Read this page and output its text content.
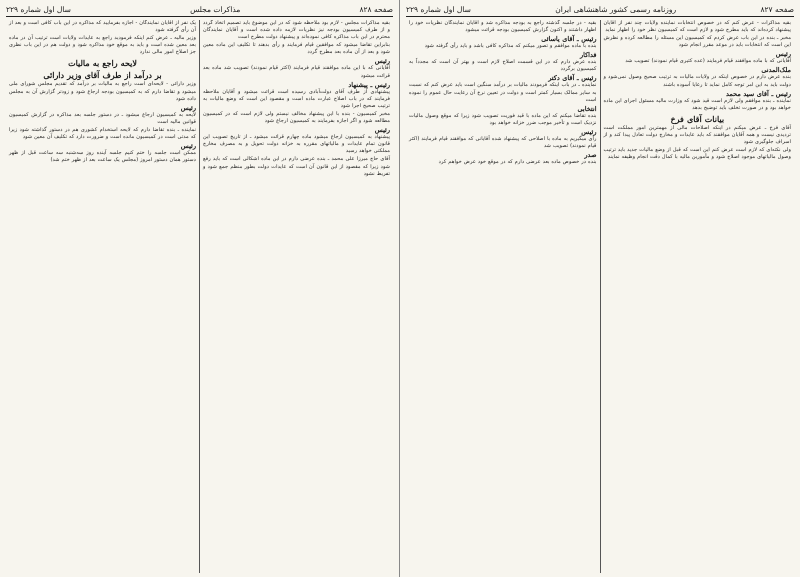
صفحه ۸۲۸
مذاكرات مجلس
سال اول شماره ۲۲۹
بقيه مذاكرات مجلس - لازم بود ملاحظه شود که در این موضوع باید تصمیم اتخاذ گردد و از طرف کمیسیون بودجه نیز نظریات لازمه داده شده است و آقایان نمایندگان محترم در این باب مذاکره کافی نموده‌اند و پیشنهاد دولت مطرح است
بنابراین تقاضا میشود که موافقین قیام فرمایند و رأی بدهند تا تکلیف این ماده معین شود و بعد از آن ماده بعد مطرح گردد
رئیس
آقایانی که با این ماده موافقند قیام فرمایند (اکثر قیام نمودند) تصویب شد ماده بعد قرائت میشود
رئیس ـ پیشنهاد
پیشنهادی از طرف آقای دولت‌آبادی رسیده است قرائت میشود و آقایان ملاحظه فرمایند که در باب اصلاح عبارت ماده است و مقصود این است که وضع مالیات به ترتیب صحیح اجرا شود
مخبر کمیسیون - بنده با این پیشنهاد مخالف نیستم ولی لازم است که در کمیسیون مطالعه شود و اگر اجازه بفرمایند به کمیسیون ارجاع شود
رئیس
پیشنهاد به کمیسیون ارجاع میشود ماده چهارم قرائت میشود ـ از تاریخ تصویب این قانون تمام عایدات و مالیاتهای مقرره به خزانه دولت تحویل و به مصرف مخارج مملکتی خواهد رسید
آقای حاج میرزا علی محمد ـ بنده عرضی دارم در این ماده اشکالی است که باید رفع شود زیرا که مقصود از این قانون آن است که عایدات دولت بطور منظم جمع شود و تفریط نشود
یک نفر از آقایان نمایندگان - اجازه بفرمایید که مذاکره در این باب کافی است و بعد از آن رأی گرفته شود
وزیر مالیه ـ عرض کنم اینکه فرمودید راجع به عایدات ولایات است ترتیب آن در ماده بعد معین شده است و باید به موقع خود مذاکره شود و دولت هم در این باب نظری جز اصلاح امور مالی ندارد
لایحه راجع به مالیات
بر درآمد از طرف آقای وزیر دارائی
وزیر دارائی - لایحه‌ای است راجع به مالیات بر درآمد که تقدیم مجلس شورای ملی میشود و تقاضا دارم که به کمیسیون بودجه ارجاع شود و زودتر گزارش آن به مجلس داده شود
رئیس
لایحه به کمیسیون ارجاع میشود ـ در دستور جلسه بعد مذاکره در گزارش کمیسیون قوانین مالیه است
نماینده ـ بنده تقاضا دارم که لایحه استخدام کشوری هم در دستور گذاشته شود زیرا که مدتی است در کمیسیون مانده است و ضرورت دارد که تکلیف آن معین شود
رئیس
ممکن است جلسه را ختم کنیم جلسه آینده روز سه‌شنبه سه ساعت قبل از ظهر دستور همان دستور امروز (مجلس یک ساعت بعد از ظهر ختم شد)
صفحه ۸۲۷
روزنامه رسمی کشور شاهنشاهی ایران
سال اول شماره ۲۲۹
بقیه مذاکرات - عرض کنم که در خصوص انتخابات نماینده ولایات چند نفر از آقایان پیشنهاد کرده‌اند که باید مطرح شود و لازم است که کمیسیون نظر خود را اظهار نماید
مخبر ـ بنده در این باب عرض کردم که کمیسیون این مسئله را مطالعه کرده و نظرش این است که انتخابات باید در موعد مقرر انجام شود
رئیس
آقایانی که با ماده موافقند قیام فرمایند (عده کثیری قیام نمودند) تصویب شد
ملک‌المدنی
بنده عرض دارم در خصوص اینکه در ولایات مالیات به ترتیب صحیح وصول نمی‌شود و دولت باید به این امر توجه کامل نماید تا رعایا آسوده باشند
رئیس ـ آقای سید محمد
نماینده ـ بنده موافقم ولی لازم است قید شود که وزارت مالیه مسئول اجرای این ماده خواهد بود و در صورت تخلف باید توضیح بدهد
بیانات آقای فرخ
آقای فرخ ـ عرض میکنم در اینکه اصلاحات مالی از مهمترین امور مملکت است تردیدی نیست و همه آقایان موافقند که باید عایدات و مخارج دولت تعادل پیدا کند و از اسراف جلوگیری شود
ولی نکته‌ای که لازم است عرض کنم این است که قبل از وضع مالیات جدید باید ترتیب وصول مالیاتهای موجود اصلاح شود و مأمورین مالیه با کمال دقت انجام وظیفه نمایند
بقیه - در جلسه گذشته راجع به بودجه مذاکره شد و آقایان نمایندگان نظریات خود را اظهار داشتند و اکنون گزارش کمیسیون بودجه قرائت میشود
رئیس ـ آقای یاسائی
بنده با ماده موافقم و تصور میکنم که مذاکره کافی باشد و باید رأی گرفته شود
فداکار
بنده عرض دارم که در این قسمت اصلاح لازم است و بهتر آن است که مجدداً به کمیسیون برگردد
رئیس ـ آقای دکتر
نماینده ـ در باب اینکه فرمودند مالیات بر درآمد سنگین است باید عرض کنم که نسبت به سایر ممالک بسیار کمتر است و دولت در تعیین نرخ آن رعایت حال عموم را نموده است
انتخابی
بنده تقاضا میکنم که این ماده با قید فوریت تصویب شود زیرا که موقع وصول مالیات نزدیک است و تأخیر موجب ضرر خزانه خواهد بود
رئیس
رأی میگیریم به ماده با اصلاحی که پیشنهاد شده آقایانی که موافقند قیام فرمایند (اکثر قیام نمودند) تصویب شد
صدر
بنده در خصوص ماده بعد عرضی دارم که در موقع خود عرض خواهم کرد
